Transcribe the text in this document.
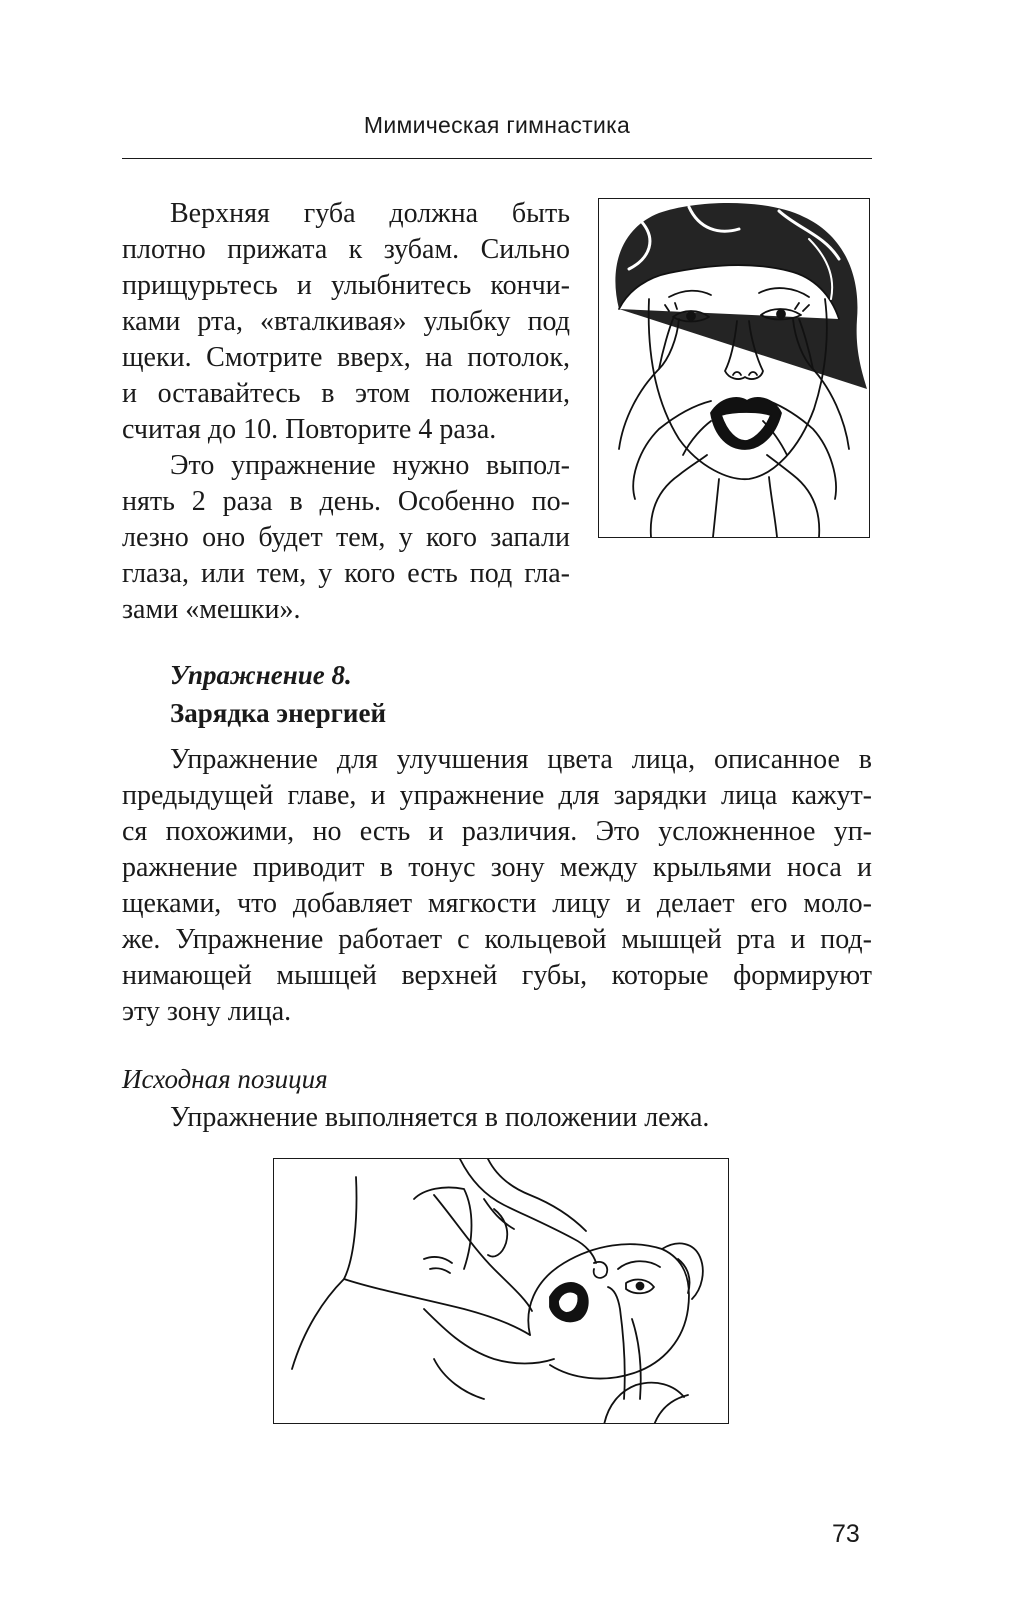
Мимическая гимнастика
Верхняя губа должна быть
плотно прижата к зубам. Сильно
прищурьтесь и улыбнитесь кончи-
ками рта, «вталкивая» улыбку под
щеки. Смотрите вверх, на потолок,
и оставайтесь в этом положении,
считая до 10. Повторите 4 раза.
Это упражнение нужно выпол-
нять 2 раза в день. Особенно по-
лезно оно будет тем, у кого запали
глаза, или тем, у кого есть под гла-
зами «мешки».
Упражнение 8.
Зарядка энергией
Упражнение для улучшения цвета лица, описанное в
предыдущей главе, и упражнение для зарядки лица кажут-
ся похожими, но есть и различия. Это усложненное уп-
ражнение приводит в тонус зону между крыльями носа и
щеками, что добавляет мягкости лицу и делает его моло-
же. Упражнение работает с кольцевой мышцей рта и под-
нимающей мышцей верхней губы, которые формируют
эту зону лица.
Исходная позиция
Упражнение выполняется в положении лежа.
73
